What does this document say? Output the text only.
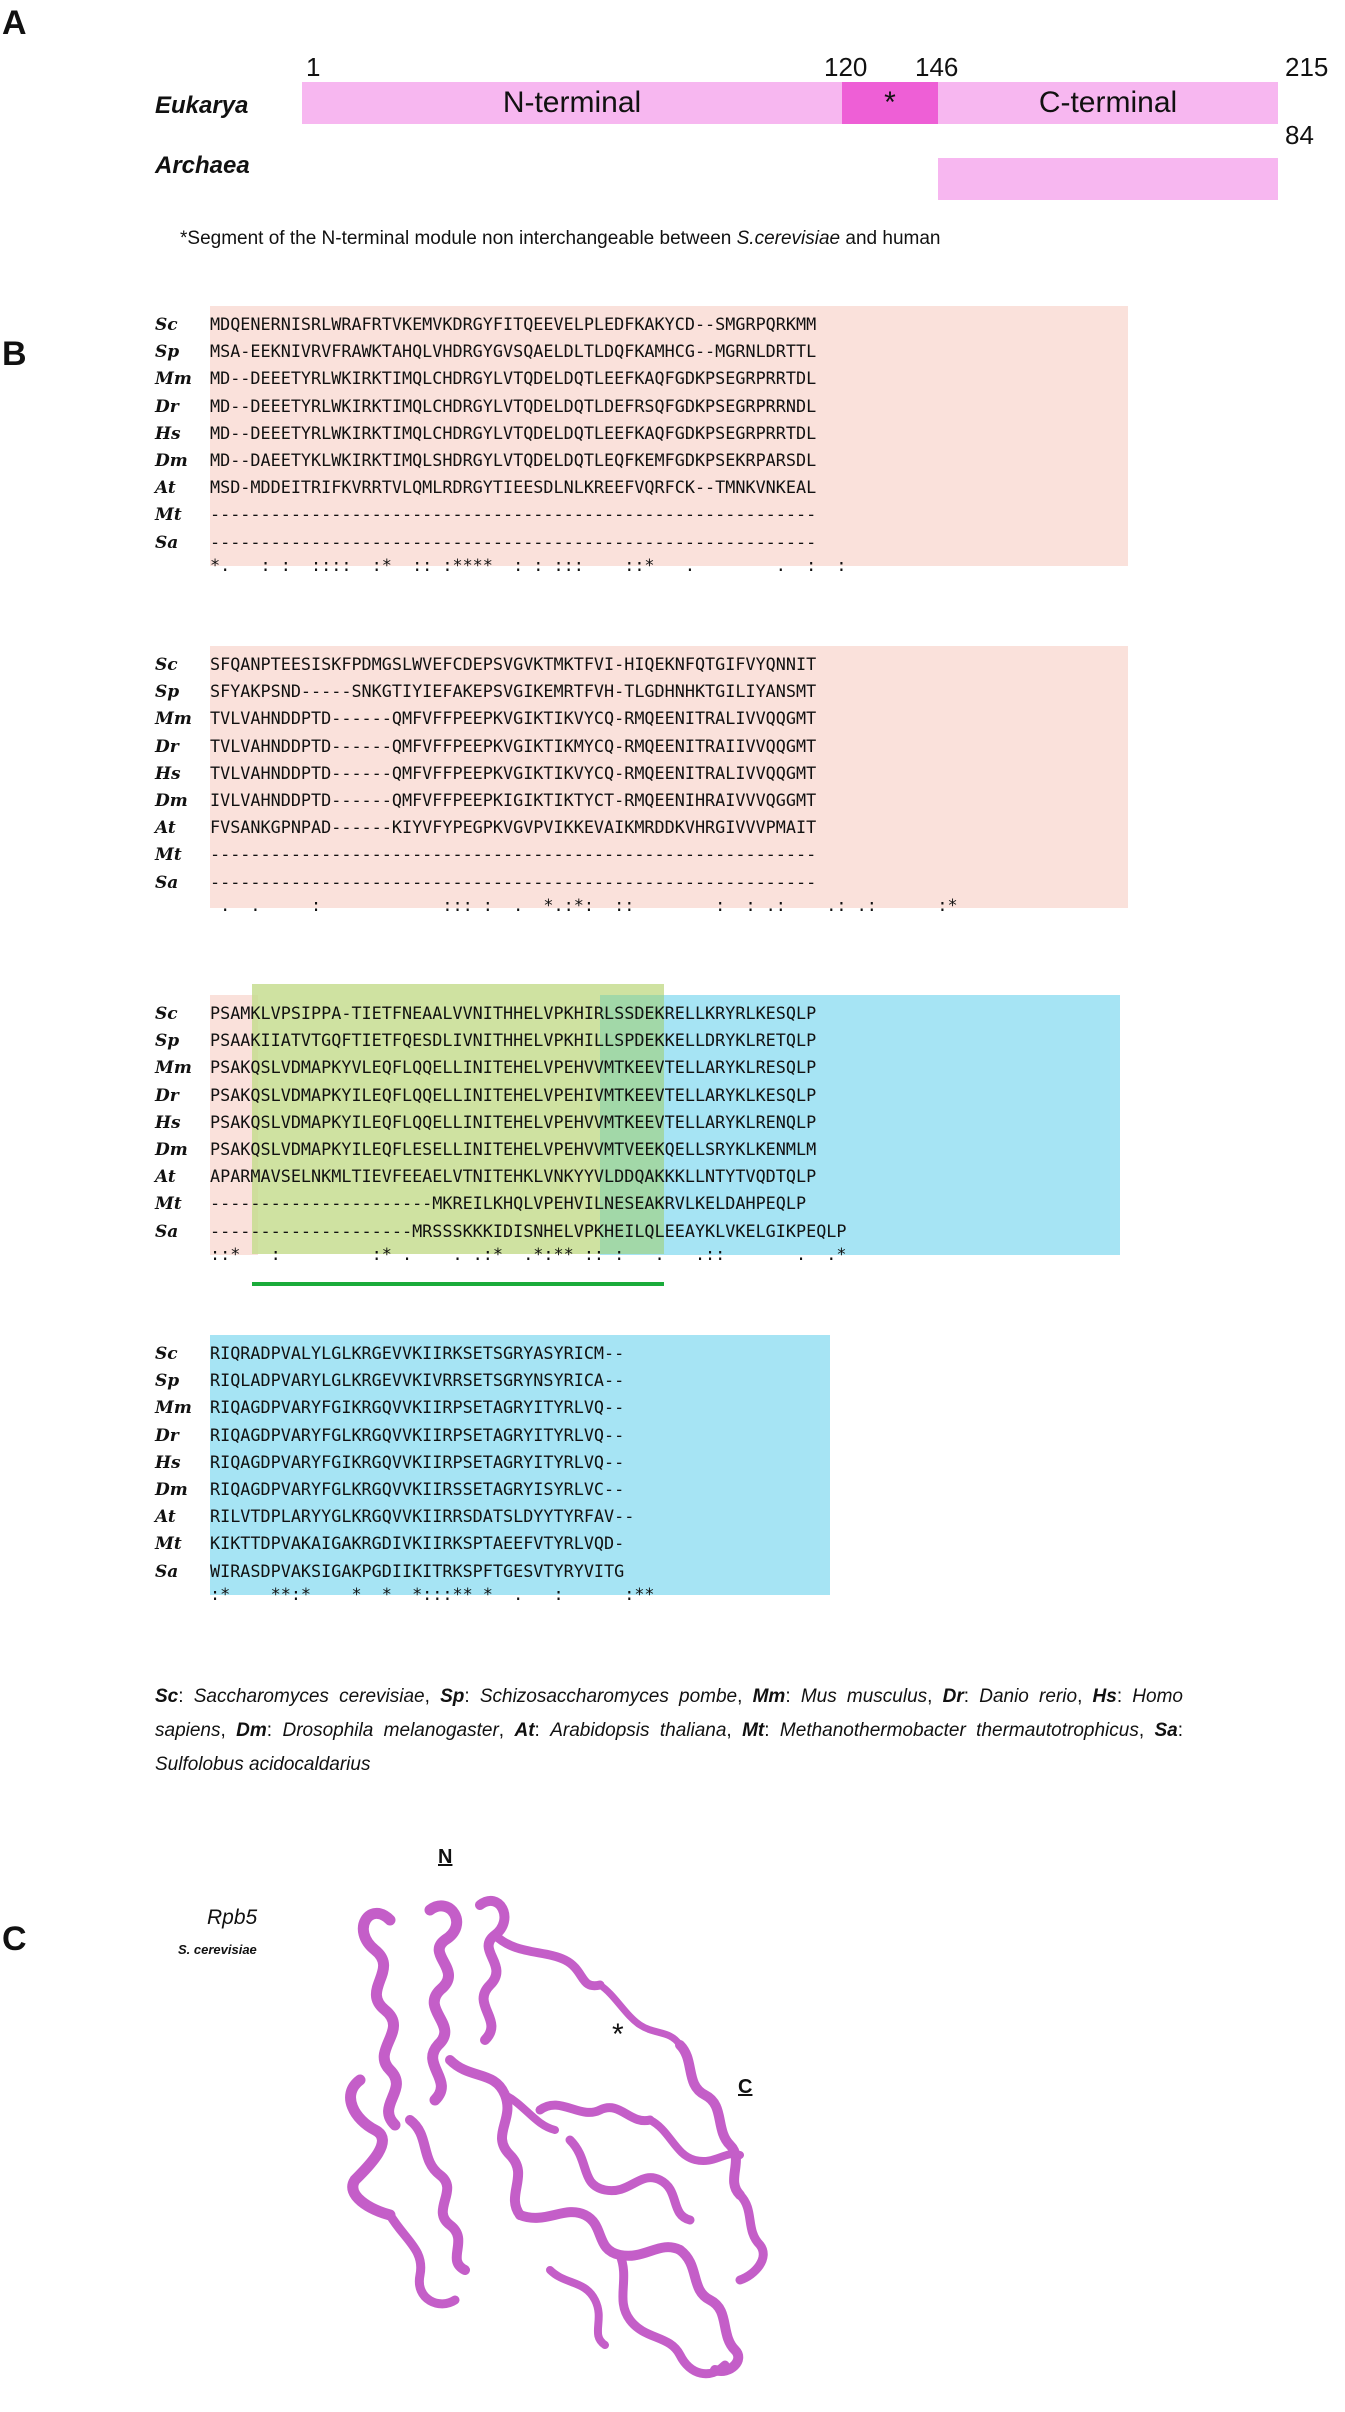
A
1	120 146	215
Eukarya	N-terminal	*	C-terminal
84
Archaea
*Segment of the N-terminal module non interchangeable between S.cerevisiae and human
B
Sc MDQENERNISRLWRAFRTVKEMVKDRGYFITQEEVELPLEDFKAKYCD--SMGRPQRKMM
Sp MSA-EEKNIVRVFRAWKTAHQLVHDRGYGVSQAELDLTLDQFKAMHCG--MGRNLDRTTL
Mm MD--DEEETYRLWKIRKTIMQLCHDRGYLVTQDELDQTLEEFKAQFGDKPSEGRPRRTDL
Dr MD--DEEETYRLWKIRKTIMQLCHDRGYLVTQDELDQTLDEFRSQFGDKPSEGRPRRNDL
Hs MD--DEEETYRLWKIRKTIMQLCHDRGYLVTQDELDQTLEEFKAQFGDKPSEGRPRRTDL
Dm MD--DAEETYKLWKIRKTIMQLSHDRGYLVTQDELDQTLEQFKEMFGDKPSEKRPARSDL
At MSD-MDDEITRIFKVRRTVLQMLRDRGYTIEESDLNLKREEFVQRFCK--TMNKVNKEAL
Mt ------------------------------------------------------------
Sa ------------------------------------------------------------
*.   : :  ::::  :*  :: :****  : : :::    ::*   .        .  :  :
Sc SFQANPTEESISKFPDMGSLWVEFCDEPSVGVKTMKTFVI-HIQEKNFQTGIFVYQNNIT
Sp SFYAKPSND-----SNKGTIYIEFAKEPSVGIKEMRTFVH-TLGDHNHKTGILIYANSMT
Mm TVLVAHNDDPTD------QMFVFFPEEPKVGIKTIKVYCQ-RMQEENITRALIVVQQGMT
Dr TVLVAHNDDPTD------QMFVFFPEEPKVGIKTIKMYCQ-RMQEENITRAIIVVQQGMT
Hs TVLVAHNDDPTD------QMFVFFPEEPKVGIKTIKVYCQ-RMQEENITRALIVVQQGMT
Dm IVLVAHNDDPTD------QMFVFFPEEPKIGIKTIKTYCT-RMQEENIHRAIVVVQGGMT
At FVSANKGPNPAD------KIYVFYPEGPKVGVPVIKKEVAIKMRDDKVHRGIVVVPMAIT
Mt ------------------------------------------------------------
Sa ------------------------------------------------------------
.  .     :            ::: :  .  *.:*:  ::        :  : .:    .: .:      :*
Sc PSAMKLVPSIPPA-TIETFNEAALVVNITHHELVPKHIRLSSDEKRELLKRYRLKESQLP
Sp PSAAKIIATVTGQFTIETFQESDLIVNITHHELVPKHILLSPDEKKELLDRYKLRETQLP
Mm PSAKQSLVDMAPKYVLEQFLQQELLINITEHELVPEHVVMTKEEVTELLARYKLRESQLP
Dr PSAKQSLVDMAPKYILEQFLQQELLINITEHELVPEHIVMTKEEVTELLARYKLKESQLP
Hs PSAKQSLVDMAPKYILEQFLQQELLINITEHELVPEHVVMTKEEVTELLARYKLRENQLP
Dm PSAKQSLVDMAPKYILEQFLESELLINITEHELVPEHVVMTVEEKQELLSRYKLKENMLM
At APARMAVSELNKMLTIEVFEEAELVTNITEHKLVNKYYVLDDQAKKKLLNTYTVQDTQLP
Mt ----------------------MKREILKHQLVPEHVILNESEAKRVLKELDAHPEQLP
Sa --------------------MRSSSKKKIDISNHELVPKHEILQLEEAYKLVKELGIKPEQLP
::*   :         :* .    . .:*  .*:** :: :   .   .::       .  .*
Sc RIQRADPVALYLGLKRGEVVKIIRKSETSGRYASYRICM--
Sp RIQLADPVARYLGLKRGEVVKIVRRSETSGRYNSYRICA--
Mm RIQAGDPVARYFGIKRGQVVKIIRPSETAGRYITYRLVQ--
Dr RIQAGDPVARYFGLKRGQVVKIIRPSETAGRYITYRLVQ--
Hs RIQAGDPVARYFGIKRGQVVKIIRPSETAGRYITYRLVQ--
Dm RIQAGDPVARYFGLKRGQVVKIIRSSETAGRYISYRLVC--
At RILVTDPLARYYGLKRGQVVKIIRRSDATSLDYYTYRFAV--
Mt KIKTTDPVAKAIGAKRGDIVKIIRKSPTAEEFVTYRLVQD-
Sa WIRASDPVAKSIGAKPGDIIKITRKSPFTGESVTYRYVITG
:*    **:*    *  *  *:::** *  .   :      :**
Sc: Saccharomyces cerevisiae, Sp: Schizosaccharomyces pombe, Mm: Mus musculus, Dr: Danio rerio, Hs: Homo sapiens, Dm: Drosophila melanogaster, At: Arabidopsis thaliana, Mt: Methanothermobacter thermautotrophicus, Sa: Sulfolobus acidocaldarius
C
Rpb5
S. cerevisiae
N
C
*
